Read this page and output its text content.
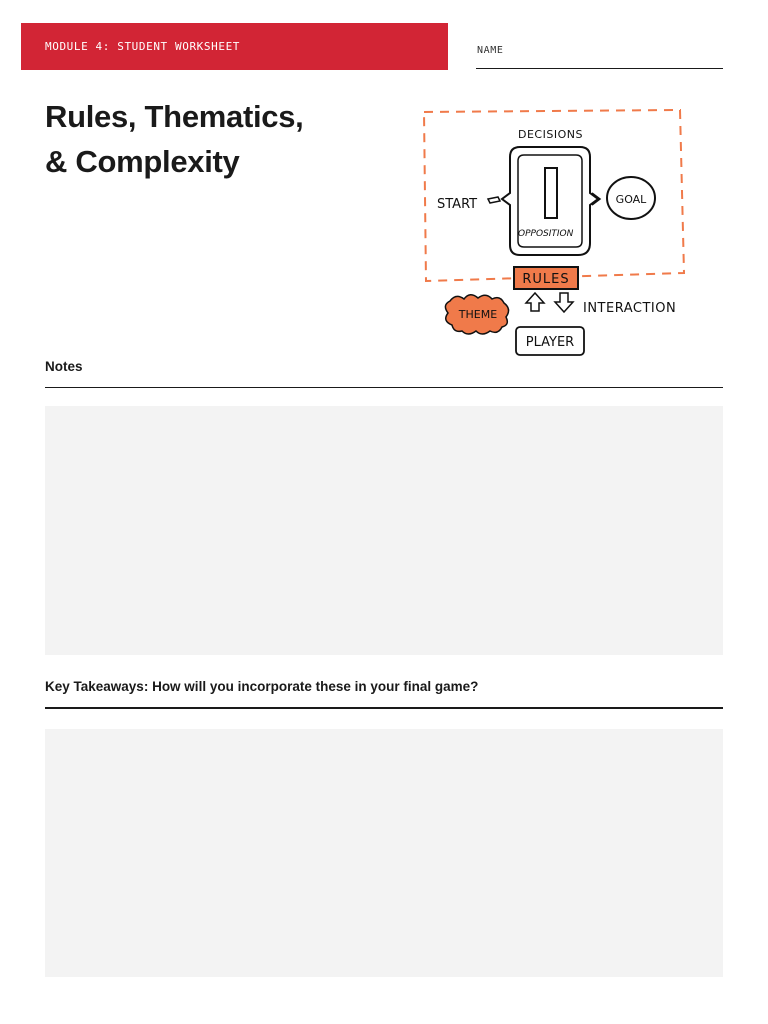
MODULE 4: STUDENT WORKSHEET	NAME
Rules, Thematics,
& Complexity
DECISIONS
OPPOSITION
START	GOAL
RULES
THEME	INTERACTION
PLAYER
Notes
Key Takeaways: How will you incorporate these in your final game?
